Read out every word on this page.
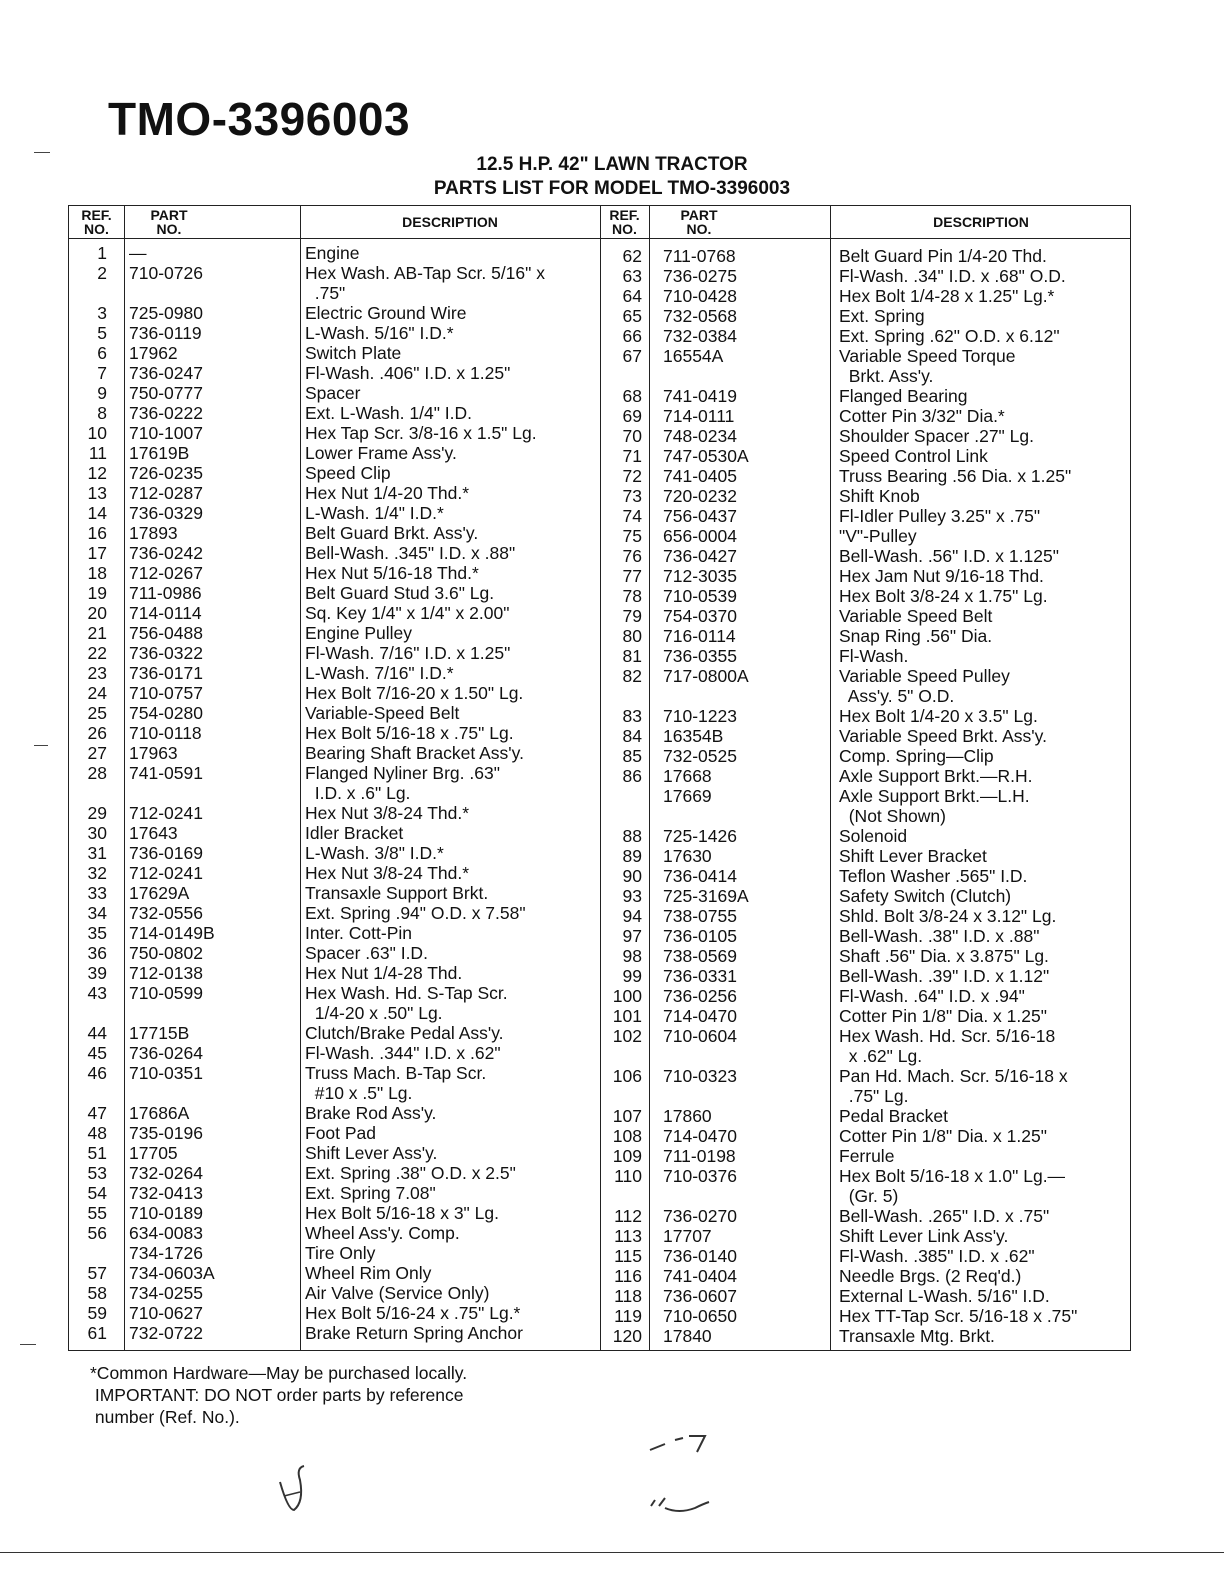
TMO-3396003
12.5 H.P. 42" LAWN TRACTOR
PARTS LIST FOR MODEL TMO-3396003
REF.
NO.
PART
NO.	DESCRIPTION	REF.
NO.
PART
NO.	DESCRIPTION
1 —	Engine
2 710-0726	Hex Wash. AB-Tap Scr. 5/16" x
.75"
3 725-0980	Electric Ground Wire
5 736-0119	L-Wash. 5/16" I.D.*
6 17962	Switch Plate
7 736-0247	Fl-Wash. .406" I.D. x 1.25"
9 750-0777	Spacer
8 736-0222	Ext. L-Wash. 1/4" I.D.
10 710-1007	Hex Tap Scr. 3/8-16 x 1.5" Lg.
11 17619B	Lower Frame Ass'y.
12 726-0235	Speed Clip
13 712-0287	Hex Nut 1/4-20 Thd.*
14 736-0329	L-Wash. 1/4" I.D.*
16 17893	Belt Guard Brkt. Ass'y.
17 736-0242	Bell-Wash. .345" I.D. x .88"
18 712-0267	Hex Nut 5/16-18 Thd.*
19 711-0986	Belt Guard Stud 3.6" Lg.
20 714-0114	Sq. Key 1/4" x 1/4" x 2.00"
21 756-0488	Engine Pulley
22 736-0322	Fl-Wash. 7/16" I.D. x 1.25"
23 736-0171	L-Wash. 7/16" I.D.*
24 710-0757	Hex Bolt 7/16-20 x 1.50" Lg.
25 754-0280	Variable-Speed Belt
26 710-0118	Hex Bolt 5/16-18 x .75" Lg.
27 17963	Bearing Shaft Bracket Ass'y.
28 741-0591	Flanged Nyliner Brg. .63"
I.D. x .6" Lg.
29 712-0241	Hex Nut 3/8-24 Thd.*
30 17643	Idler Bracket
31 736-0169	L-Wash. 3/8" I.D.*
32 712-0241	Hex Nut 3/8-24 Thd.*
33 17629A	Transaxle Support Brkt.
34 732-0556	Ext. Spring .94" O.D. x 7.58"
35 714-0149B	Inter. Cott-Pin
36 750-0802	Spacer .63" I.D.
39 712-0138	Hex Nut 1/4-28 Thd.
43 710-0599	Hex Wash. Hd. S-Tap Scr.
1/4-20 x .50" Lg.
44 17715B	Clutch/Brake Pedal Ass'y.
45 736-0264	Fl-Wash. .344" I.D. x .62"
46 710-0351	Truss Mach. B-Tap Scr.
#10 x .5" Lg.
47 17686A	Brake Rod Ass'y.
48 735-0196	Foot Pad
51 17705	Shift Lever Ass'y.
53 732-0264	Ext. Spring .38" O.D. x 2.5"
54 732-0413	Ext. Spring 7.08"
55 710-0189	Hex Bolt 5/16-18 x 3" Lg.
56 634-0083	Wheel Ass'y. Comp.
734-1726	Tire Only
57 734-0603A	Wheel Rim Only
58 734-0255	Air Valve (Service Only)
59 710-0627	Hex Bolt 5/16-24 x .75" Lg.*
61 732-0722	Brake Return Spring Anchor
62 711-0768	Belt Guard Pin 1/4-20 Thd.
63 736-0275	Fl-Wash. .34" I.D. x .68" O.D.
64 710-0428	Hex Bolt 1/4-28 x 1.25" Lg.*
65 732-0568	Ext. Spring
66 732-0384	Ext. Spring .62" O.D. x 6.12"
67 16554A	Variable Speed Torque
Brkt. Ass'y.
68 741-0419	Flanged Bearing
69 714-0111	Cotter Pin 3/32" Dia.*
70 748-0234	Shoulder Spacer .27" Lg.
71 747-0530A	Speed Control Link
72 741-0405	Truss Bearing .56 Dia. x 1.25"
73 720-0232	Shift Knob
74 756-0437	Fl-Idler Pulley 3.25" x .75"
75 656-0004	"V"-Pulley
76 736-0427	Bell-Wash. .56" I.D. x 1.125"
77 712-3035	Hex Jam Nut 9/16-18 Thd.
78 710-0539	Hex Bolt 3/8-24 x 1.75" Lg.
79 754-0370	Variable Speed Belt
80 716-0114	Snap Ring .56" Dia.
81 736-0355	Fl-Wash.
82 717-0800A	Variable Speed Pulley
Ass'y. 5" O.D.
83 710-1223	Hex Bolt 1/4-20 x 3.5" Lg.
84 16354B	Variable Speed Brkt. Ass'y.
85 732-0525	Comp. Spring—Clip
86 17668	Axle Support Brkt.—R.H.
17669	Axle Support Brkt.—L.H.
(Not Shown)
88 725-1426	Solenoid
89 17630	Shift Lever Bracket
90 736-0414	Teflon Washer .565" I.D.
93 725-3169A	Safety Switch (Clutch)
94 738-0755	Shld. Bolt 3/8-24 x 3.12" Lg.
97 736-0105	Bell-Wash. .38" I.D. x .88"
98 738-0569	Shaft .56" Dia. x 3.875" Lg.
99 736-0331	Bell-Wash. .39" I.D. x 1.12"
100 736-0256	Fl-Wash. .64" I.D. x .94"
101 714-0470	Cotter Pin 1/8" Dia. x 1.25"
102 710-0604	Hex Wash. Hd. Scr. 5/16-18
x .62" Lg.
106 710-0323	Pan Hd. Mach. Scr. 5/16-18 x
.75" Lg.
107 17860	Pedal Bracket
108 714-0470	Cotter Pin 1/8" Dia. x 1.25"
109 711-0198	Ferrule
110 710-0376	Hex Bolt 5/16-18 x 1.0" Lg.—
(Gr. 5)
112 736-0270	Bell-Wash. .265" I.D. x .75"
113 17707	Shift Lever Link Ass'y.
115 736-0140	Fl-Wash. .385" I.D. x .62"
116 741-0404	Needle Brgs. (2 Req'd.)
118 736-0607	External L-Wash. 5/16" I.D.
119 710-0650	Hex TT-Tap Scr. 5/16-18 x .75"
120 17840	Transaxle Mtg. Brkt.
*Common Hardware—May be purchased locally.
IMPORTANT: DO NOT order parts by reference
number (Ref. No.).
